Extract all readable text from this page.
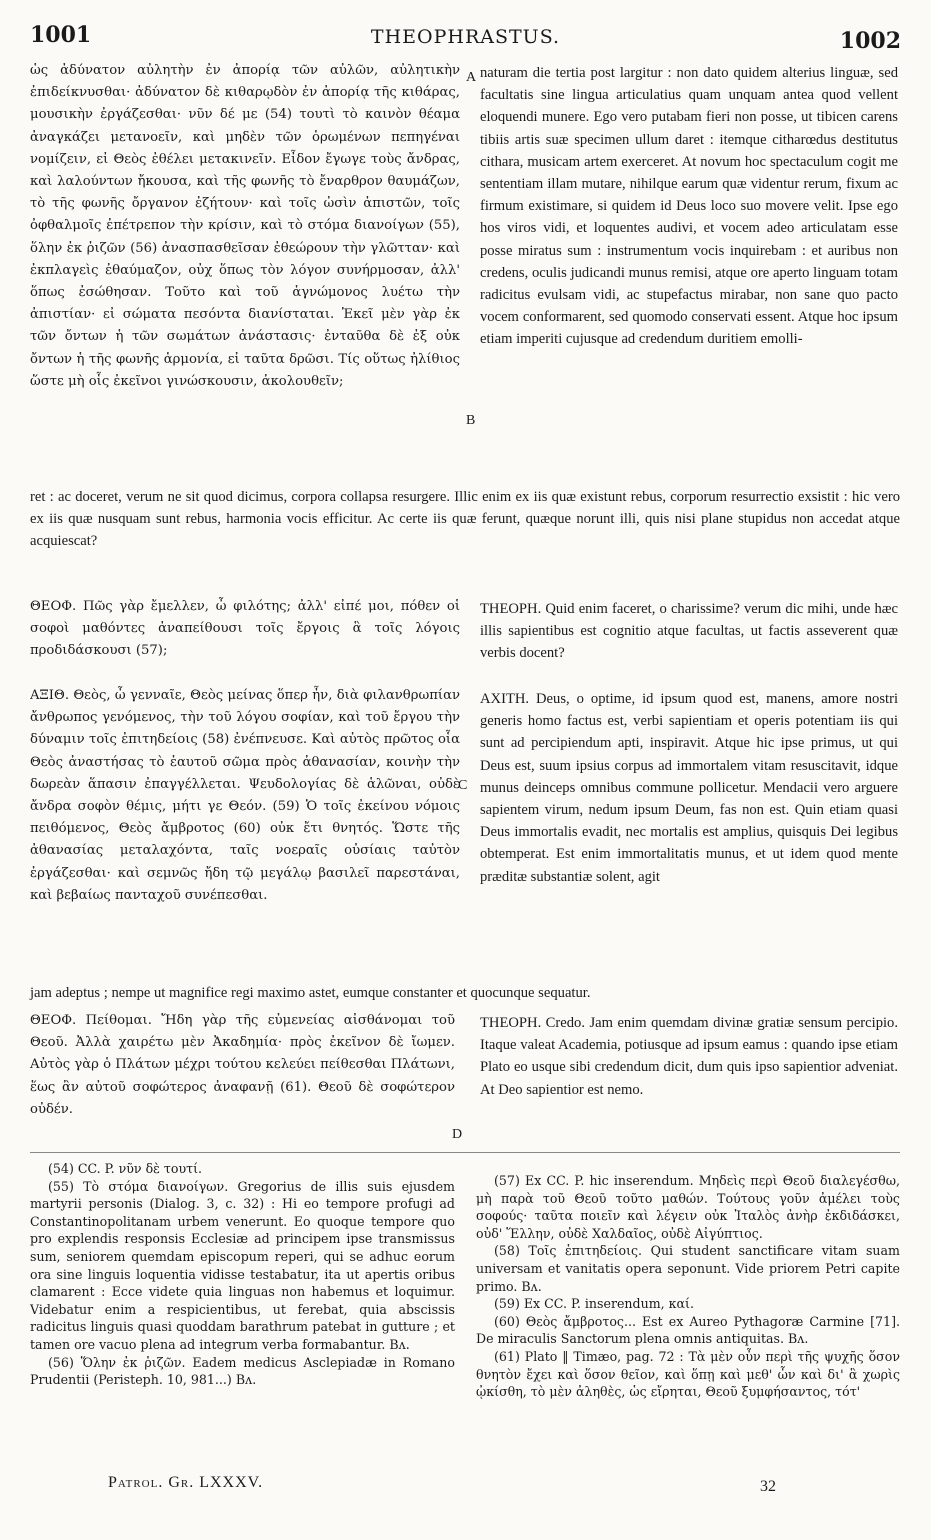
1001	THEOPHRASTUS.	1002

ὡς ἀδύνατον αὐλητὴν ἐν ἀπορίᾳ τῶν αὐλῶν, αὐλητικὴν ἐπιδείκνυσθαι· ἀδύνατον δὲ κιθαρῳδὸν ἐν ἀπορίᾳ τῆς κιθάρας, μουσικὴν ἐργάζεσθαι· νῦν δέ με (54) τουτὶ τὸ καινὸν θέαμα ἀναγκάζει μετανοεῖν, καὶ μηδὲν τῶν ὁρωμένων πεπηγέναι νομίζειν, εἰ Θεὸς ἐθέλει μετακινεῖν. Εἶδον ἔγωγε τοὺς ἄνδρας, καὶ λαλούντων ἤκουσα, καὶ τῆς φωνῆς τὸ ἔναρθρον θαυμάζων, τὸ τῆς φωνῆς ὄργανον ἐζήτουν· καὶ τοῖς ὠσὶν ἀπιστῶν, τοῖς ὀφθαλμοῖς ἐπέτρεπον τὴν κρίσιν, καὶ τὸ στόμα διανοίγων (55), ὅλην ἐκ ῥιζῶν (56) ἀνασπασθεῖσαν ἐθεώρουν τὴν γλῶτταν· καὶ ἐκπλαγεὶς ἐθαύμαζον, οὐχ ὅπως τὸν λόγον συνήρμοσαν, ἀλλ' ὅπως ἐσώθησαν. Τοῦτο καὶ τοῦ ἀγνώμονος λυέτω τὴν ἀπιστίαν· εἰ σώματα πεσόντα διανίσταται. Ἐκεῖ μὲν γὰρ ἐκ τῶν ὄντων ἡ τῶν σωμάτων ἀνάστασις· ἐνταῦθα δὲ ἐξ οὐκ ὄντων ἡ τῆς φωνῆς ἁρμονία, εἰ ταῦτα δρῶσι. Τίς οὕτως ἠλίθιος ὥστε μὴ οἷς ἐκεῖνοι γινώσκουσιν, ἀκολουθεῖν;

A naturam die tertia post largitur : non dato quidem alterius linguæ, sed facultatis sine lingua articulatius quam unquam antea quod vellent eloquendi munere. Ego vero putabam fieri non posse, ut tibicen carens tibiis artis suæ specimen ullum daret : itemque citharœdus destitutus cithara, musicam artem exerceret. At novum hoc spectaculum cogit me sententiam illam mutare, nihilque earum quæ videntur rerum, fixum ac firmum existimare, si quidem id Deus loco suo movere velit. Ipse ego hos viros vidi, et loquentes audivi, et vocem adeo articulatam esse posse miratus sum : instrumentum vocis inquirebam : et auribus non credens, oculis judicandi munus remisi, atque ore aperto linguam totam radicitus evulsam vidi, ac stupefactus mirabar, non sane quo pacto vocem conformarent, sed quomodo conservati essent. Atque hoc ipsum etiam imperiti cujusque ad credendum duritiem emolli-

B

ret : ac doceret, verum ne sit quod dicimus, corpora collapsa resurgere. Illic enim ex iis quæ existunt rebus, corporum resurrectio exsistit : hic vero ex iis quæ nusquam sunt rebus, harmonia vocis efficitur. Ac certe iis quæ ferunt, quæque norunt illi, quis nisi plane stupidus non accedat atque acquiescat?

ΘΕΟΦ. Πῶς γὰρ ἔμελλεν, ὦ φιλότης; ἀλλ' εἰπέ μοι, πόθεν οἱ σοφοὶ μαθόντες ἀναπείθουσι τοῖς ἔργοις ἃ τοῖς λόγοις προδιδάσκουσι (57);

THEOPH. Quid enim faceret, o charissime? verum dic mihi, unde hæc illis sapientibus est cognitio atque facultas, ut factis asseverent quæ verbis docent?

ΑΞΙΘ. Θεὸς, ὦ γενναῖε, Θεὸς μείνας ὅπερ ἦν, διὰ φιλανθρωπίαν ἄνθρωπος γενόμενος, τὴν τοῦ λόγου σοφίαν, καὶ τοῦ ἔργου τὴν δύναμιν τοῖς ἐπιτηδείοις (58) ἐνέπνευσε. Καὶ αὐτὸς πρῶτος οἷα Θεὸς ἀναστήσας τὸ ἑαυτοῦ σῶμα πρὸς ἀθανασίαν, κοινὴν τὴν δωρεὰν ἅπασιν ἐπαγγέλλεται. Ψευδολογίας δὲ ἁλῶναι, οὐδὲ ἄνδρα σοφὸν θέμις, μήτι γε Θεόν. (59) Ὁ τοῖς ἐκείνου νόμοις πειθόμενος, Θεὸς ἄμβροτος (60) οὐκ ἔτι θνητός. Ὥστε τῆς ἀθανασίας μεταλαχόντα, ταῖς νοεραῖς οὐσίαις ταὐτὸν ἐργάζεσθαι· καὶ σεμνῶς ἤδη τῷ μεγάλῳ βασιλεῖ παρεστάναι, καὶ βεβαίως πανταχοῦ συνέπεσθαι.

C

AXITH. Deus, o optime, id ipsum quod est, manens, amore nostri generis homo factus est, verbi sapientiam et operis potentiam iis qui sunt ad percipiendum apti, inspiravit. Atque hic ipse primus, ut qui Deus est, suum ipsius corpus ad immortalem vitam resuscitavit, idque munus deinceps omnibus commune pollicetur. Mendacii vero arguere sapientem virum, nedum ipsum Deum, fas non est. Quin etiam quasi Deus immortalis evadit, nec mortalis est amplius, quisquis Dei legibus obtemperat. Est enim immortalitatis munus, et ut idem quod mente præditæ substantiæ solent, agit

jam adeptus ; nempe ut magnifice regi maximo astet, eumque constanter et quocunque sequatur.

ΘΕΟΦ. Πείθομαι. Ἤδη γὰρ τῆς εὐμενείας αἰσθάνομαι τοῦ Θεοῦ. Ἀλλὰ χαιρέτω μὲν Ἀκαδημία· πρὸς ἐκεῖνον δὲ ἴωμεν. Αὐτὸς γὰρ ὁ Πλάτων μέχρι τούτου κελεύει πείθεσθαι Πλάτωνι, ἕως ἂν αὐτοῦ σοφώτερος ἀναφανῇ (61). Θεοῦ δὲ σοφώτερον οὐδέν.

THEOPH. Credo. Jam enim quemdam divinæ gratiæ sensum percipio. Itaque valeat Academia, potiusque ad ipsum eamus : quando ipse etiam Plato eo usque sibi credendum dicit, dum quis ipso sapientior adveniat. At Deo sapientior est nemo.

D

(54) CC. P. νῦν δὲ τουτί.

(55) Τὸ στόμα διανοίγων. Gregorius de illis suis ejusdem martyrii personis (Dialog. 3, c. 32) : Hi eo tempore profugi ad Constantinopolitanam urbem venerunt. Eo quoque tempore quo pro explendis responsis Ecclesiæ ad principem ipse transmissus sum, seniorem quemdam episcopum reperi, qui se adhuc eorum ora sine linguis loquentia vidisse testabatur, ita ut apertis oribus clamarent : Ecce videte quia linguas non habemus et loquimur. Videbatur enim a respicientibus, ut ferebat, quia abscissis radicitus linguis quasi quoddam barathrum patebat in gutture ; et tamen ore vacuo plena ad integrum verba formabantur. Bʌ.

(56) Ὅλην ἐκ ῥιζῶν. Eadem medicus Asclepiadæ in Romano Prudentii (Peristeph. 10, 981...) Bʌ.

(57) Ex CC. P. hic inserendum. Μηδεὶς περὶ Θεοῦ διαλεγέσθω, μὴ παρὰ τοῦ Θεοῦ τοῦτο μαθών. Τούτους γοῦν ἀμέλει τοὺς σοφούς· ταῦτα ποιεῖν καὶ λέγειν οὐκ Ἰταλὸς ἀνὴρ ἐκδιδάσκει, οὐδ' Ἕλλην, οὐδὲ Χαλδαῖος, οὐδὲ Αἰγύπτιος.

(58) Τοῖς ἐπιτηδείοις. Qui student sanctificare vitam suam universam et vanitatis opera seponunt. Vide priorem Petri capite primo. Bʌ.

(59) Ex CC. P. inserendum, καί.

(60) Θεὸς ἄμβροτος... Est ex Aureo Pythagoræ Carmine [71]. De miraculis Sanctorum plena omnis antiquitas. Bʌ.

(61) Plato ‖ Timæo, pag. 72 : Τὰ μὲν οὖν περὶ τῆς ψυχῆς ὅσον θνητὸν ἔχει καὶ ὅσον θεῖον, καὶ ὅπῃ καὶ μεθ' ὧν καὶ δι' ἃ χωρὶς ᾠκίσθη, τὸ μὲν ἀληθὲς, ὡς εἴρηται, Θεοῦ ξυμφήσαντος, τότ'

Patrol. Gr. LXXXV.	32
